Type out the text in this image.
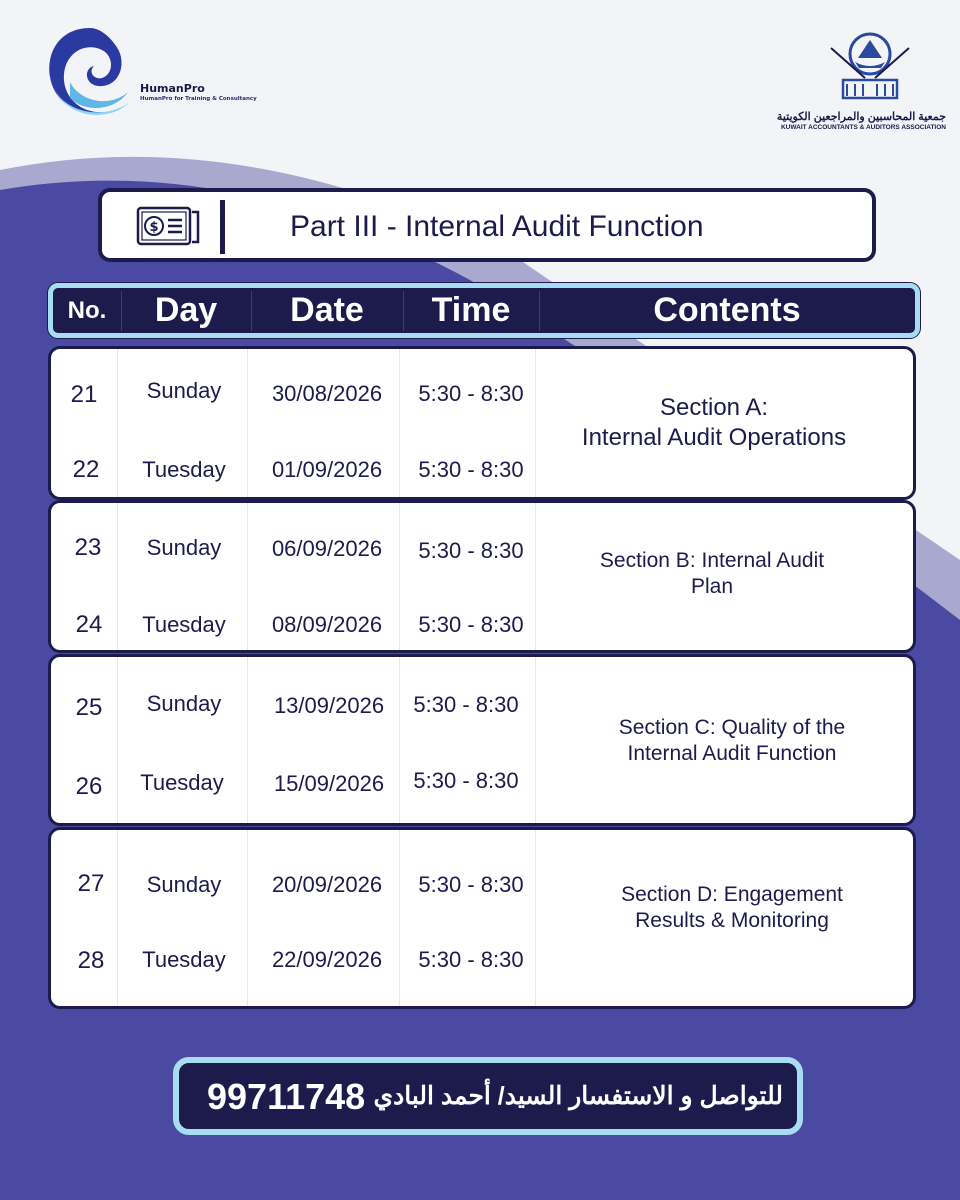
HumanPro
HumanPro for Training & Consultancy
جمعية المحاسبين والمراجعين الكويتية
KUWAIT ACCOUNTANTS & AUDITORS ASSOCIATION
$	Part III - Internal Audit Function
No.	Day	Date	Time	Contents
21 Sunday 30/08/2026 5:30 - 8:30
22 Tuesday 01/09/2026 5:30 - 8:30
Section A:
Internal Audit Operations
23 Sunday 06/09/2026 5:30 - 8:30
24 Tuesday 08/09/2026 5:30 - 8:30
Section B: Internal Audit
Plan
25 Sunday 13/09/2026 5:30 - 8:30
26 Tuesday 15/09/2026 5:30 - 8:30
Section C: Quality of the
Internal Audit Function
27 Sunday 20/09/2026 5:30 - 8:30
28 Tuesday 22/09/2026 5:30 - 8:30
Section D: Engagement
Results & Monitoring
99711748 للتواصل و الاستفسار السيد/ أحمد البادي
